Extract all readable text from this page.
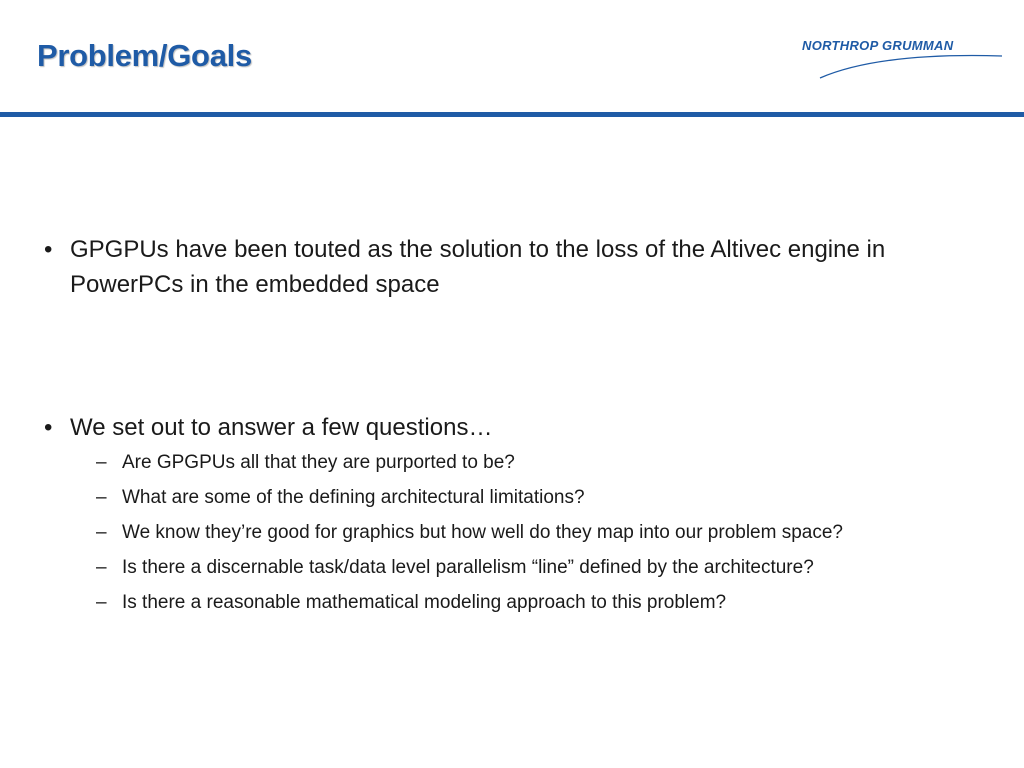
Problem/Goals	NORTHROP GRUMMAN
• GPGPUs have been touted as the solution to the loss of the Altivec engine in PowerPCs in the embedded space
• We set out to answer a few questions…
– Are GPGPUs all that they are purported to be?
– What are some of the defining architectural limitations?
– We know they’re good for graphics but how well do they map into our problem space?
– Is there a discernable task/data level parallelism “line” defined by the architecture?
– Is there a reasonable mathematical modeling approach to this problem?
